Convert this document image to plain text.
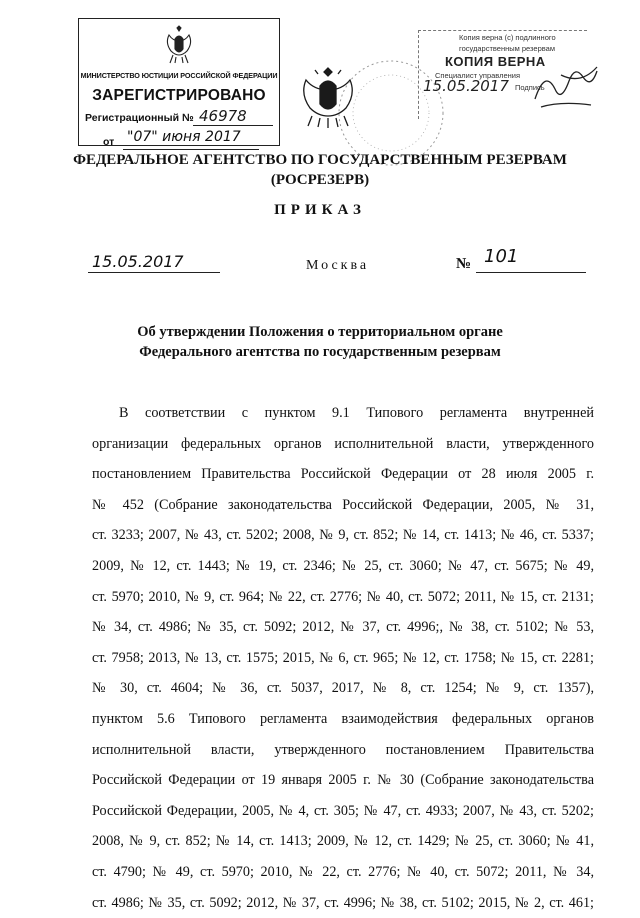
МИНИСТЕРСТВО ЮСТИЦИИ РОССИЙСКОЙ ФЕДЕРАЦИИ
ЗАРЕГИСТРИРОВАНО
Регистрационный № 46978
от "07" июня 2017
Копия верна (с) подлинного
государственным резервам
КОПИЯ ВЕРНА
Специалист управления
15.05.2017 Подпись
ФЕДЕРАЛЬНОЕ АГЕНТСТВО ПО ГОСУДАРСТВЕННЫМ РЕЗЕРВАМ
(РОСРЕЗЕРВ)
ПРИКАЗ
15.05.2017	Москва	№ 101
Об утверждении Положения о территориальном органе
Федерального агентства по государственным резервам
В соответствии с пунктом 9.1 Типового регламента внутренней
организации федеральных органов исполнительной власти, утвержденного
постановлением Правительства Российской Федерации от 28 июля 2005 г.
№ 452 (Собрание законодательства Российской Федерации, 2005, № 31,
ст. 3233; 2007, № 43, ст. 5202; 2008, № 9, ст. 852; № 14, ст. 1413; № 46, ст. 5337;
2009, № 12, ст. 1443; № 19, ст. 2346; № 25, ст. 3060; № 47, ст. 5675; № 49,
ст. 5970; 2010, № 9, ст. 964; № 22, ст. 2776; № 40, ст. 5072; 2011, № 15, ст. 2131;
№ 34, ст. 4986; № 35, ст. 5092; 2012, № 37, ст. 4996;, № 38, ст. 5102; № 53,
ст. 7958; 2013, № 13, ст. 1575; 2015, № 6, ст. 965; № 12, ст. 1758; № 15, ст. 2281;
№ 30, ст. 4604; № 36, ст. 5037, 2017, № 8, ст. 1254; № 9, ст. 1357),
пунктом 5.6 Типового регламента взаимодействия федеральных органов
исполнительной власти, утвержденного постановлением Правительства
Российской Федерации от 19 января 2005 г. № 30 (Собрание законодательства
Российской Федерации, 2005, № 4, ст. 305; № 47, ст. 4933; 2007, № 43, ст. 5202;
2008, № 9, ст. 852; № 14, ст. 1413; 2009, № 12, ст. 1429; № 25, ст. 3060; № 41,
ст. 4790; № 49, ст. 5970; 2010, № 22, ст. 2776; № 40, ст. 5072; 2011, № 34,
ст. 4986; № 35, ст. 5092; 2012, № 37, ст. 4996; № 38, ст. 5102; 2015, № 2, ст. 461;
